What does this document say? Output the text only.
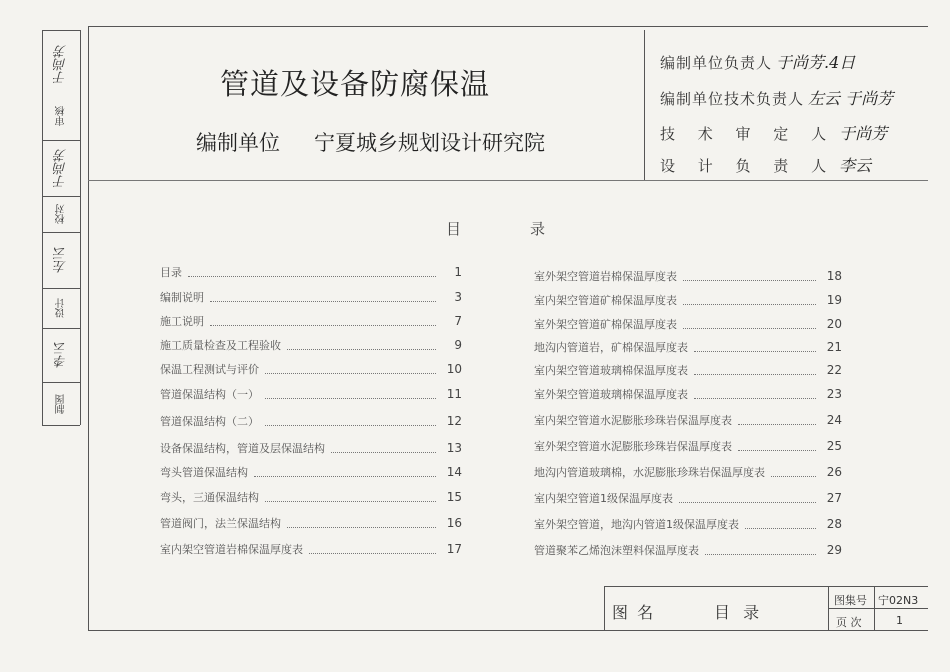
于尚芳
审核
于尚芳
校对
左云
设计
李云
制图
管道及设备防腐保温
编制单位 宁夏城乡规划设计研究院
编制单位负责人 于尚芳.4日
编制单位技术负责人 左云 于尚芳
技 术 审 定 人 于尚芳
设 计 负 责 人 李云
目	录
目录	1
编制说明	3
施工说明	7
施工质量检查及工程验收	9
保温工程测试与评价	10
管道保温结构（一）	11
管道保温结构（二）	12
设备保温结构，管道及层保温结构	13
弯头管道保温结构	14
弯头，三通保温结构	15
管道阀门，法兰保温结构	16
室内架空管道岩棉保温厚度表	17
室外架空管道岩棉保温厚度表	18
室内架空管道矿棉保温厚度表	19
室外架空管道矿棉保温厚度表	20
地沟内管道岩，矿棉保温厚度表	21
室内架空管道玻璃棉保温厚度表	22
室外架空管道玻璃棉保温厚度表	23
室内架空管道水泥膨胀珍珠岩保温厚度表	24
室外架空管道水泥膨胀珍珠岩保温厚度表	25
地沟内管道玻璃棉，水泥膨胀珍珠岩保温厚度表	26
室内架空管道1级保温厚度表	27
室外架空管道，地沟内管道1级保温厚度表	28
管道聚苯乙烯泡沫塑料保温厚度表	29
图 名	目 录
图集号 宁02N3
页 次	1
